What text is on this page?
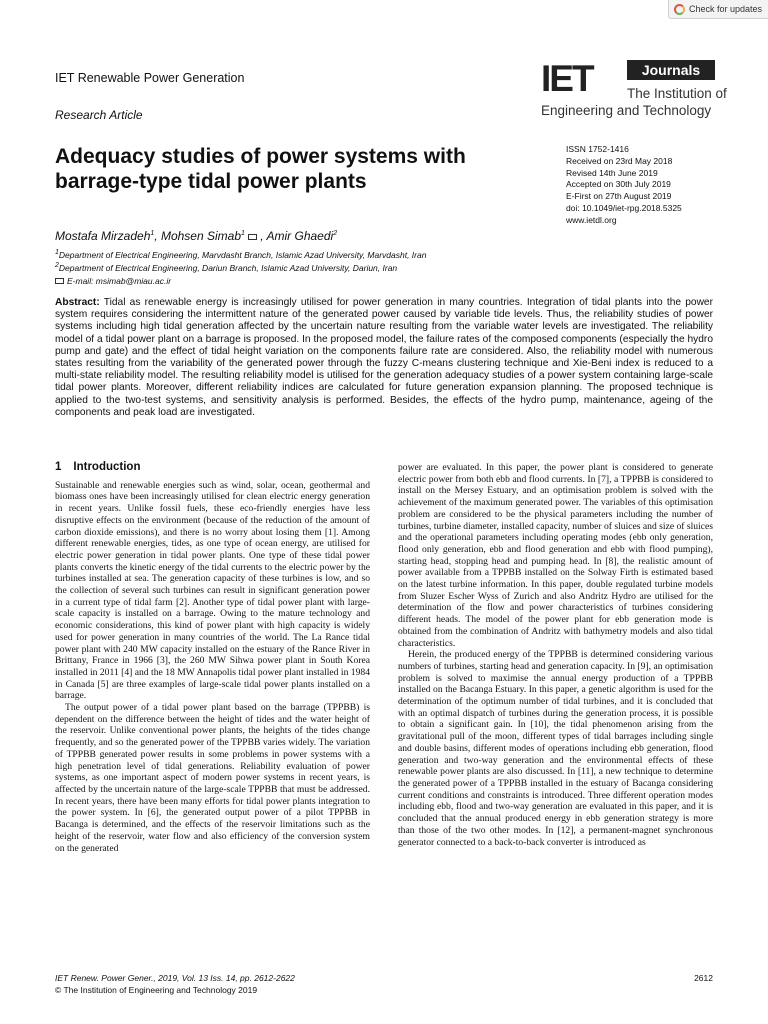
Check for updates
IET Renewable Power Generation
Research Article
IET	Journals
The Institution of
Engineering and Technology
Adequacy studies of power systems with barrage-type tidal power plants
ISSN 1752-1416
Received on 23rd May 2018
Revised 14th June 2019
Accepted on 30th July 2019
E-First on 27th August 2019
doi: 10.1049/iet-rpg.2018.5325
www.ietdl.org
Mostafa Mirzadeh$^1$, Mohsen Simab$^1$ , Amir Ghaedi$^2$
$^1$Department of Electrical Engineering, Marvdasht Branch, Islamic Azad University, Marvdasht, Iran
$^2$Department of Electrical Engineering, Dariun Branch, Islamic Azad University, Dariun, Iran
E-mail: msimab@miau.ac.ir
Abstract: Tidal as renewable energy is increasingly utilised for power generation in many countries. Integration of tidal plants into the power system requires considering the intermittent nature of the generated power caused by variable tide levels. Thus, the reliability studies of power systems including high tidal generation affected by the uncertain nature resulting from the variable water levels are investigated. The reliability model of a tidal power plant on a barrage is proposed. In the proposed model, the failure rates of the composed components (especially the hydro pump and gate) and the effect of tidal height variation on the components failure rate are considered. Also, the reliability model with numerous states resulting from the variability of the generated power through the fuzzy C-means clustering technique and Xie-Beni index is reduced to a multi-state reliability model. The resulting reliability model is utilised for the generation adequacy studies of a power system containing large-scale tidal power plants. Moreover, different reliability indices are calculated for future generation expansion planning. The proposed technique is applied to the two-test systems, and sensitivity analysis is performed. Besides, the effects of the hydro pump, maintenance, ageing of the components and peak load are investigated.
1 Introduction

Sustainable and renewable energies such as wind, solar, ocean, geothermal and biomass ones have been increasingly utilised for clean electric energy generation in recent years. Unlike fossil fuels, these eco-friendly energies have less disruptive effects on the environment (because of the reduction of the amount of carbon dioxide emissions), and there is no worry about losing them [1]. Among different renewable energies, tides, as one type of ocean energy, are utilised for electric power generation in tidal power plants. One type of these tidal power plants converts the kinetic energy of the tidal currents to the electric power by the turbines installed at sea. The generation capacity of these turbines is low, and so the collection of several such turbines can result in significant generation power in a current type of tidal farm [2]. Another type of tidal power plant with large-scale capacity is installed on a barrage. Owing to the mature technology and economic considerations, this kind of power plant with high capacity is widely used for power generation in many countries of the world. The La Rance tidal power plant with 240 MW capacity installed on the estuary of the Rance River in Brittany, France in 1966 [3], the 260 MW Sihwa power plant in South Korea installed in 2011 [4] and the 18 MW Annapolis tidal power plant installed in 1984 in Canada [5] are three examples of large-scale tidal power plants installed on a barrage.

The output power of a tidal power plant based on the barrage (TPPBB) is dependent on the difference between the height of tides and the water height of the reservoir. Unlike conventional power plants, the heights of the tides change frequently, and so the generated power of the TPPBB varies widely. The variation of TPPBB generated power results in some problems in power systems with a high penetration level of tidal generations. Reliability evaluation of power systems, as one important aspect of modern power systems in recent years, is affected by the uncertain nature of the large-scale TPPBB that must be addressed. In recent years, there have been many efforts for tidal power plants integration to the power system. In [6], the generated output power of a pilot TPPBB in Bacanga is determined, and the effects of the reservoir limitations such as the height of the reservoir, water flow and also efficiency of the conversion system on the generated

power are evaluated. In this paper, the power plant is considered to generate electric power from both ebb and flood currents. In [7], a TPPBB is considered to install on the Mersey Estuary, and an optimisation problem is solved with the achievement of the maximum generated power. The variables of this optimisation problem are considered to be the physical parameters including the number of turbines, turbine diameter, installed capacity, number of sluices and size of sluices and the operational parameters including operating modes (ebb only generation, flood only generation, ebb and flood generation and ebb with flood pumping), starting head, stopping head and pumping head. In [8], the realistic amount of power available from a TPPBB installed on the Solway Firth is estimated based on the latest turbine information. In this paper, double regulated turbine models from Sluzer Escher Wyss of Zurich and also Andritz Hydro are utilised for the determination of the flow and power characteristics of turbines considering different heads. The model of the power plant for ebb generation mode is obtained from the combination of Andritz with bathymetry models and also tidal characteristics.

Herein, the produced energy of the TPPBB is determined considering various numbers of turbines, starting head and generation capacity. In [9], an optimisation problem is solved to maximise the annual energy production of a TPPBB installed on the Bacanga Estuary. In this paper, a genetic algorithm is used for the determination of the optimum number of tidal turbines, and it is concluded that with an optimal dispatch of turbines during the generation process, it is possible to obtain a significant gain. In [10], the tidal phenomenon arising from the gravitational pull of the moon, different types of tidal barrages including single and double basins, different modes of operations including ebb generation, flood generation and two-way generation and the environmental effects of these renewable power plants are also discussed. In [11], a new technique to determine the generated power of a TPPBB installed in the estuary of Bacanga considering current conditions and constraints is introduced. Three different operation modes including ebb, flood and two-way generation are evaluated in this paper, and it is concluded that the annual produced energy in ebb generation strategy is more than those of the two other modes. In [12], a permanent-magnet synchronous generator connected to a back-to-back converter is introduced as

IET Renew. Power Gener., 2019, Vol. 13 Iss. 14, pp. 2612-2622
© The Institution of Engineering and Technology 2019
2612
